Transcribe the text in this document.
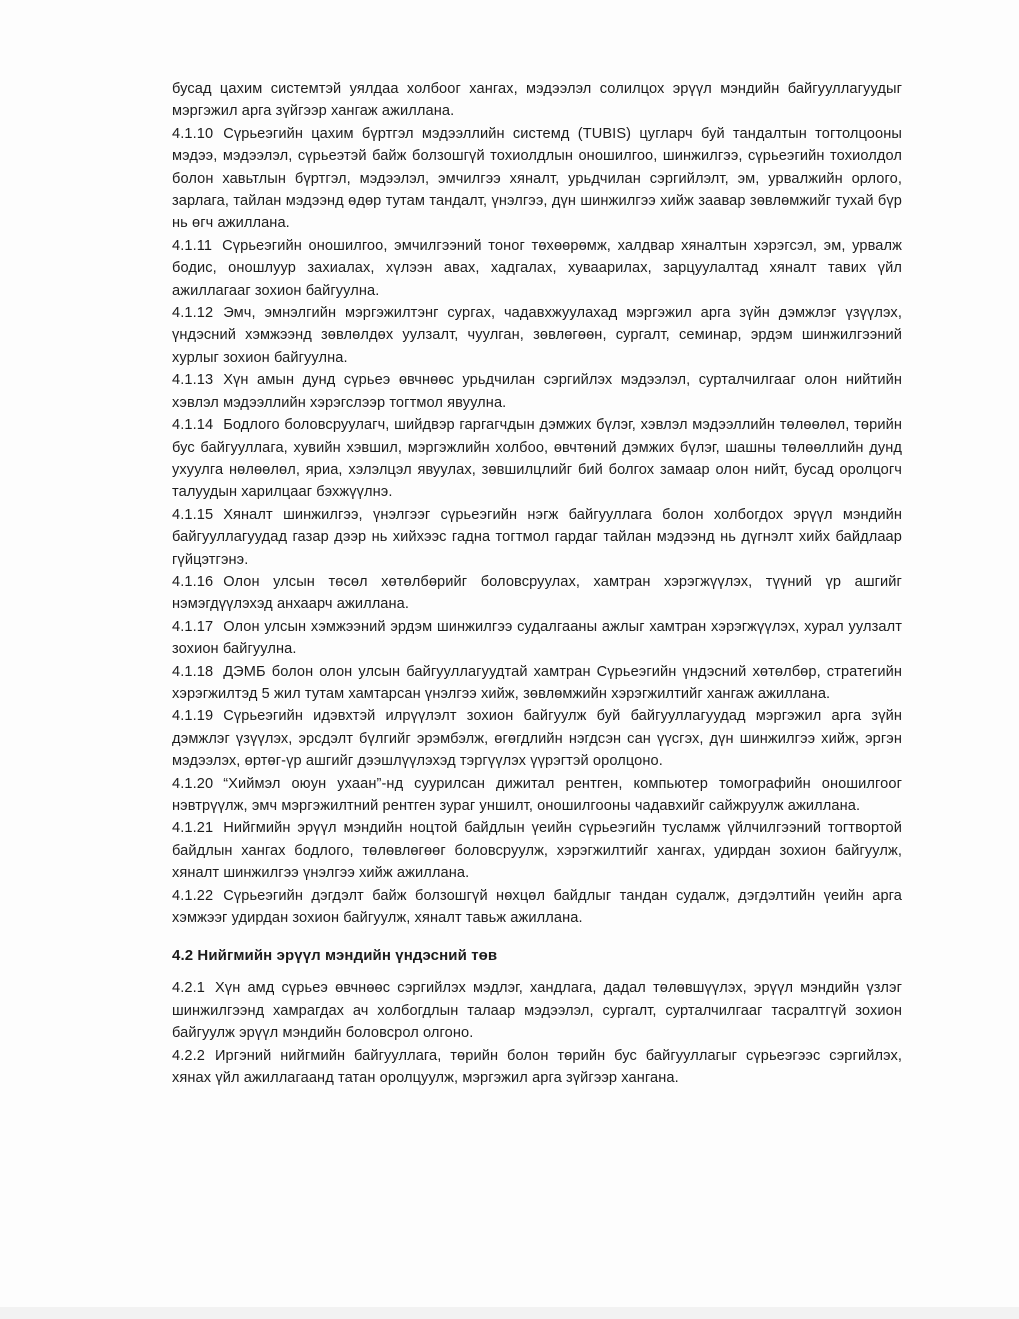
бусад цахим системтэй уялдаа холбоог хангах, мэдээлэл солилцох эрүүл мэндийн байгууллагуудыг мэргэжил арга зүйгээр хангаж ажиллана.

4.1.10 Сүрьеэгийн цахим бүртгэл мэдээллийн системд (TUBIS) цугларч буй тандалтын тогтолцооны мэдээ, мэдээлэл, сүрьеэтэй байж болзошгүй тохиолдлын оношилгоо, шинжилгээ, сүрьеэгийн тохиолдол болон хавьтлын бүртгэл, мэдээлэл, эмчилгээ хяналт, урьдчилан сэргийлэлт, эм, урвалжийн орлого, зарлага, тайлан мэдээнд өдөр тутам тандалт, үнэлгээ, дүн шинжилгээ хийж заавар зөвлөмжийг тухай бүр нь өгч ажиллана.

4.1.11 Сүрьеэгийн оношилгоо, эмчилгээний тоног төхөөрөмж, халдвар хяналтын хэрэгсэл, эм, урвалж бодис, оношлуур захиалах, хүлээн авах, хадгалах, хуваарилах, зарцуулалтад хяналт тавих үйл ажиллагааг зохион байгуулна.

4.1.12 Эмч, эмнэлгийн мэргэжилтэнг сургах, чадавхжуулахад мэргэжил арга зүйн дэмжлэг үзүүлэх, үндэсний хэмжээнд зөвлөлдөх уулзалт, чуулган, зөвлөгөөн, сургалт, семинар, эрдэм шинжилгээний хурлыг зохион байгуулна.

4.1.13 Хүн амын дунд сүрьеэ өвчнөөс урьдчилан сэргийлэх мэдээлэл, сурталчилгааг олон нийтийн хэвлэл мэдээллийн хэрэгслээр тогтмол явуулна.

4.1.14 Бодлого боловсруулагч, шийдвэр гаргагчдын дэмжих бүлэг, хэвлэл мэдээллийн төлөөлөл, төрийн бус байгууллага, хувийн хэвшил, мэргэжлийн холбоо, өвчтөний дэмжих бүлэг, шашны төлөөллийн дунд ухуулга нөлөөлөл, яриа, хэлэлцэл явуулах, зөвшилцлийг бий болгох замаар олон нийт, бусад оролцогч талуудын харилцааг бэхжүүлнэ.

4.1.15 Хяналт шинжилгээ, үнэлгээг сүрьеэгийн нэгж байгууллага болон холбогдох эрүүл мэндийн байгууллагуудад газар дээр нь хийхээс гадна тогтмол гардаг тайлан мэдээнд нь дүгнэлт хийх байдлаар гүйцэтгэнэ.

4.1.16 Олон улсын төсөл хөтөлбөрийг боловсруулах, хамтран хэрэгжүүлэх, түүний үр ашгийг нэмэгдүүлэхэд анхаарч ажиллана.

4.1.17 Олон улсын хэмжээний эрдэм шинжилгээ судалгааны ажлыг хамтран хэрэгжүүлэх, хурал уулзалт зохион байгуулна.

4.1.18 ДЭМБ болон олон улсын байгууллагуудтай хамтран Сүрьеэгийн үндэсний хөтөлбөр, стратегийн хэрэгжилтэд 5 жил тутам хамтарсан үнэлгээ хийж, зөвлөмжийн хэрэгжилтийг хангаж ажиллана.

4.1.19 Сүрьеэгийн идэвхтэй илрүүлэлт зохион байгуулж буй байгууллагуудад мэргэжил арга зүйн дэмжлэг үзүүлэх, эрсдэлт бүлгийг эрэмбэлж, өгөгдлийн нэгдсэн сан үүсгэх, дүн шинжилгээ хийж, эргэн мэдээлэх, өртөг-үр ашгийг дээшлүүлэхэд тэргүүлэх үүрэгтэй оролцоно.

4.1.20 “Хиймэл оюун ухаан”-нд суурилсан дижитал рентген, компьютер томографийн оношилгоог нэвтрүүлж, эмч мэргэжилтний рентген зураг уншилт, оношилгооны чадавхийг сайжруулж ажиллана.

4.1.21 Нийгмийн эрүүл мэндийн ноцтой байдлын үеийн сүрьеэгийн тусламж үйлчилгээний тогтвортой байдлын хангах бодлого, төлөвлөгөөг боловсруулж, хэрэгжилтийг хангах, удирдан зохион байгуулж, хяналт шинжилгээ үнэлгээ хийж ажиллана.

4.1.22 Сүрьеэгийн дэгдэлт байж болзошгүй нөхцөл байдлыг тандан судалж, дэгдэлтийн үеийн арга хэмжээг удирдан зохион байгуулж, хяналт тавьж ажиллана.

4.2 Нийгмийн эрүүл мэндийн үндэсний төв

4.2.1 Хүн амд сүрьеэ өвчнөөс сэргийлэх мэдлэг, хандлага, дадал төлөвшүүлэх, эрүүл мэндийн үзлэг шинжилгээнд хамрагдах ач холбогдлын талаар мэдээлэл, сургалт, сурталчилгааг тасралтгүй зохион байгуулж эрүүл мэндийн боловсрол олгоно.

4.2.2 Иргэний нийгмийн байгууллага, төрийн болон төрийн бус байгууллагыг сүрьеэгээс сэргийлэх, хянах үйл ажиллагаанд татан оролцуулж, мэргэжил арга зүйгээр хангана.
